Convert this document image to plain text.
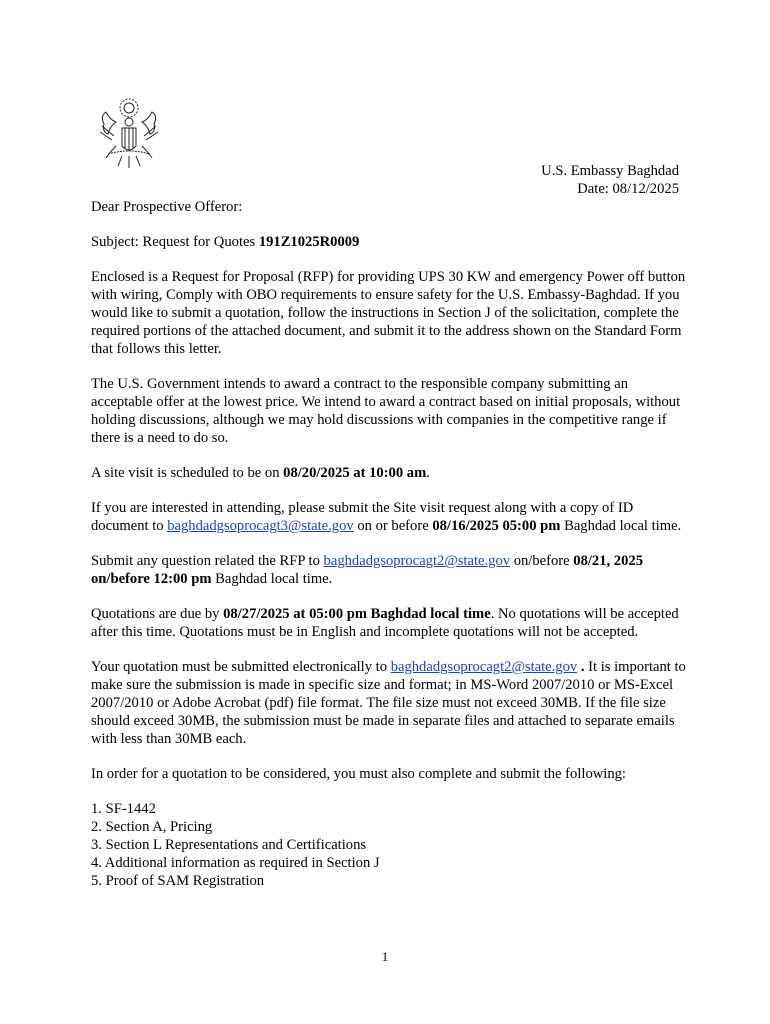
U.S. Embassy Baghdad
Date: 08/12/2025

Dear Prospective Offeror:

Subject: Request for Quotes 191Z1025R0009

Enclosed is a Request for Proposal (RFP) for providing UPS 30 KW and emergency Power off button with wiring, Comply with OBO requirements to ensure safety for the U.S. Embassy-Baghdad. If you would like to submit a quotation, follow the instructions in Section J of the solicitation, complete the required portions of the attached document, and submit it to the address shown on the Standard Form that follows this letter.

The U.S. Government intends to award a contract to the responsible company submitting an acceptable offer at the lowest price. We intend to award a contract based on initial proposals, without holding discussions, although we may hold discussions with companies in the competitive range if there is a need to do so.

A site visit is scheduled to be on 08/20/2025 at 10:00 am.

If you are interested in attending, please submit the Site visit request along with a copy of ID document to baghdadgsoprocagt3@state.gov on or before 08/16/2025 05:00 pm Baghdad local time.

Submit any question related the RFP to baghdadgsoprocagt2@state.gov on/before 08/21, 2025 on/before 12:00 pm Baghdad local time.

Quotations are due by 08/27/2025 at 05:00 pm Baghdad local time. No quotations will be accepted after this time. Quotations must be in English and incomplete quotations will not be accepted.

Your quotation must be submitted electronically to baghdadgsoprocagt2@state.gov . It is important to make sure the submission is made in specific size and format; in MS-Word 2007/2010 or MS-Excel 2007/2010 or Adobe Acrobat (pdf) file format. The file size must not exceed 30MB. If the file size should exceed 30MB, the submission must be made in separate files and attached to separate emails with less than 30MB each.

In order for a quotation to be considered, you must also complete and submit the following:

1. SF-1442
2. Section A, Pricing
3. Section L Representations and Certifications
4. Additional information as required in Section J
5. Proof of SAM Registration
1
